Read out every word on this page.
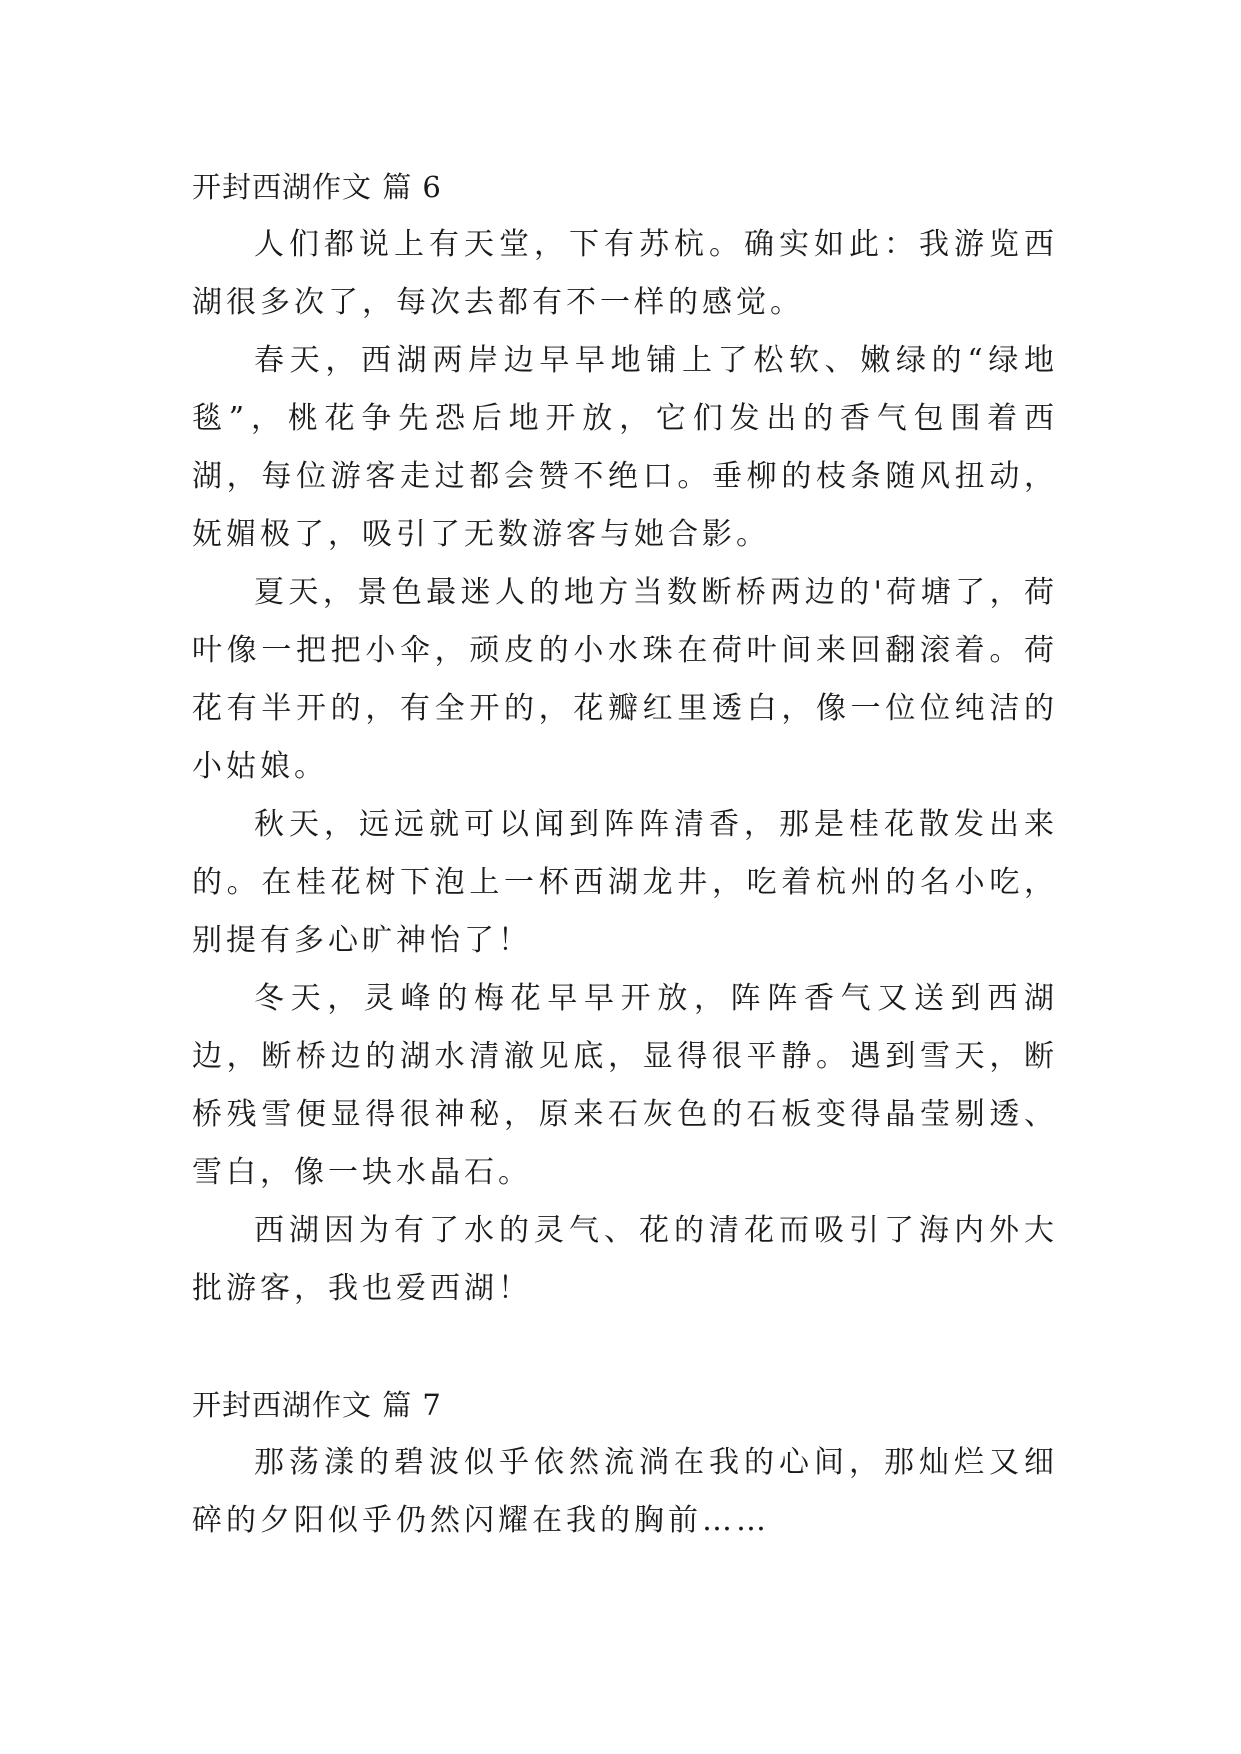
开封西湖作文 篇 6

人们都说上有天堂，下有苏杭。确实如此：我游览西湖很多次了，每次去都有不一样的感觉。

春天，西湖两岸边早早地铺上了松软、嫩绿的“绿地毯”，桃花争先恐后地开放，它们发出的香气包围着西湖，每位游客走过都会赞不绝口。垂柳的枝条随风扭动，妩媚极了，吸引了无数游客与她合影。

夏天，景色最迷人的地方当数断桥两边的'荷塘了，荷叶像一把把小伞，顽皮的小水珠在荷叶间来回翻滚着。荷花有半开的，有全开的，花瓣红里透白，像一位位纯洁的小姑娘。

秋天，远远就可以闻到阵阵清香，那是桂花散发出来的。在桂花树下泡上一杯西湖龙井，吃着杭州的名小吃，别提有多心旷神怡了！

冬天，灵峰的梅花早早开放，阵阵香气又送到西湖边，断桥边的湖水清澈见底，显得很平静。遇到雪天，断桥残雪便显得很神秘，原来石灰色的石板变得晶莹剔透、雪白，像一块水晶石。

西湖因为有了水的灵气、花的清花而吸引了海内外大批游客，我也爱西湖！

开封西湖作文 篇 7

那荡漾的碧波似乎依然流淌在我的心间，那灿烂又细碎的夕阳似乎仍然闪耀在我的胸前……
